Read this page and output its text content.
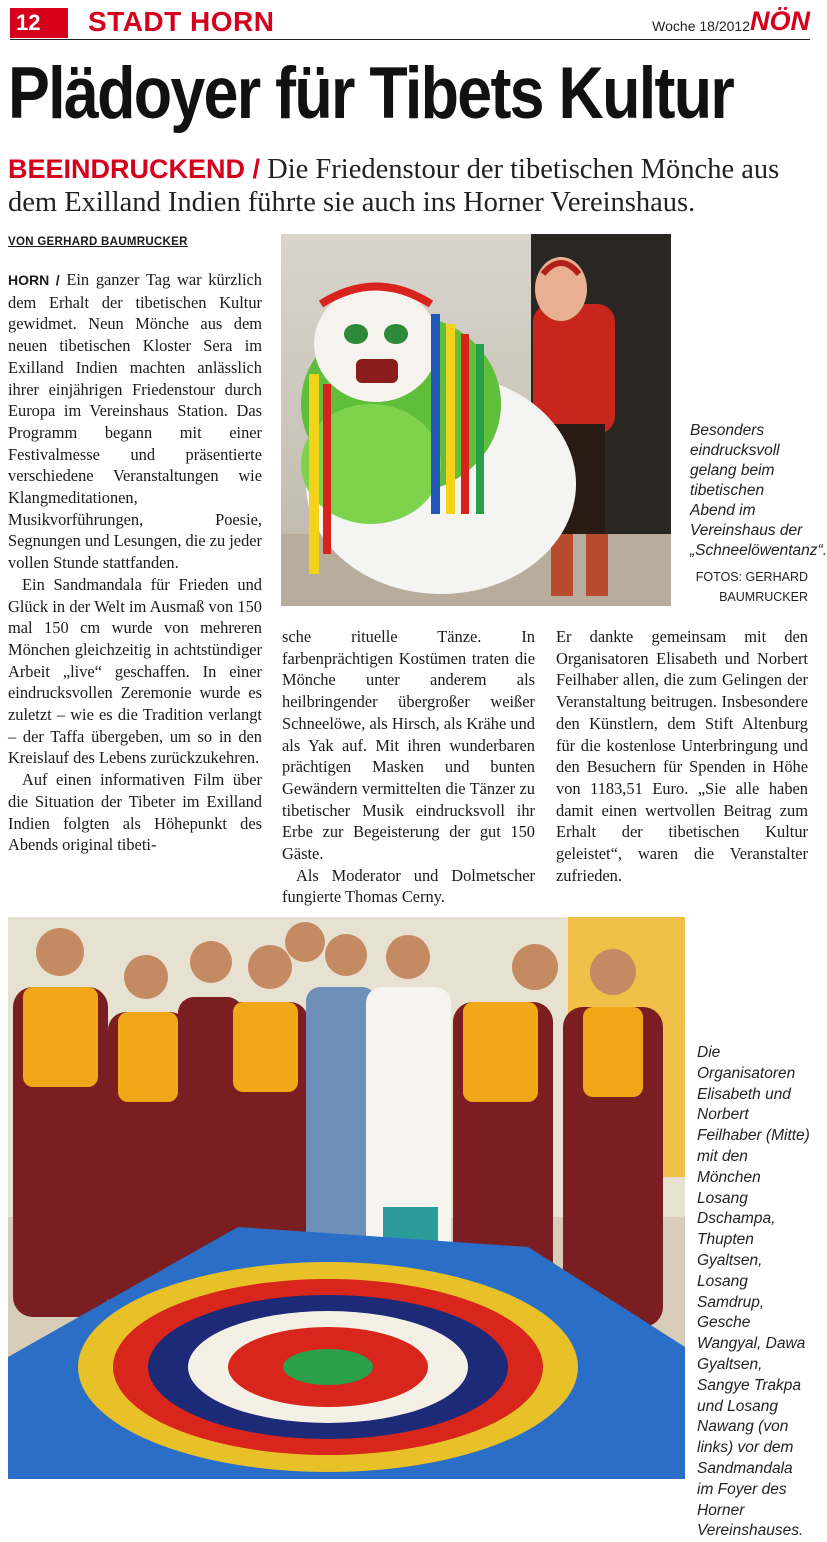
12	STADT HORN	Woche 18/2012 NÖN
Plädoyer für Tibets Kultur
BEEINDRUCKEND / Die Friedenstour der tibetischen Mönche aus dem Exilland Indien führte sie auch ins Horner Vereinshaus.
VON GERHARD BAUMRUCKER

HORN / Ein ganzer Tag war kürzlich dem Erhalt der tibetischen Kultur gewidmet. Neun Mönche aus dem neuen tibetischen Kloster Sera im Exilland Indien machten anlässlich ihrer einjährigen Friedenstour durch Europa im Vereinshaus Station. Das Programm begann mit einer Festivalmesse und präsentierte verschiedene Veranstaltungen wie Klangmeditationen, Musikvorführungen, Poesie, Segnungen und Lesungen, die zu jeder vollen Stunde stattfanden.

Ein Sandmandala für Frieden und Glück in der Welt im Ausmaß von 150 mal 150 cm wurde von mehreren Mönchen gleichzeitig in achtstündiger Arbeit „live“ geschaffen. In einer eindrucksvollen Zeremonie wurde es zuletzt – wie es die Tradition verlangt – der Taffa übergeben, um so in den Kreislauf des Lebens zurückzukehren.

Auf einen informativen Film über die Situation der Tibeter im Exilland Indien folgten als Höhepunkt des Abends original tibeti-

sche rituelle Tänze. In farbenprächtigen Kostümen traten die Mönche unter anderem als heilbringender übergroßer weißer Schneelöwe, als Hirsch, als Krähe und als Yak auf. Mit ihren wunderbaren prächtigen Masken und bunten Gewändern vermittelten die Tänzer zu tibetischer Musik eindrucksvoll ihr Erbe zur Begeisterung der gut 150 Gäste.

Als Moderator und Dolmetscher fungierte Thomas Cerny.

Er dankte gemeinsam mit den Organisatoren Elisabeth und Norbert Feilhaber allen, die zum Gelingen der Veranstaltung beitrugen. Insbesondere den Künstlern, dem Stift Altenburg für die kostenlose Unterbringung und den Besuchern für Spenden in Höhe von 1183,51 Euro. „Sie alle haben damit einen wertvollen Beitrag zum Erhalt der tibetischen Kultur geleistet“, waren die Veranstalter zufrieden.

Besonders eindrucksvoll gelang beim tibetischen Abend im Vereinshaus der „Schneelöwentanz“.
FOTOS: GERHARD
BAUMRUCKER
Die Organisatoren Elisabeth und Norbert Feilhaber (Mitte) mit den Mönchen Losang Dschampa, Thupten Gyaltsen, Losang Samdrup, Gesche Wangyal, Dawa Gyaltsen, Sangye Trakpa und Losang Nawang (von links) vor dem Sandmandala im Foyer des Horner Vereinshauses.
